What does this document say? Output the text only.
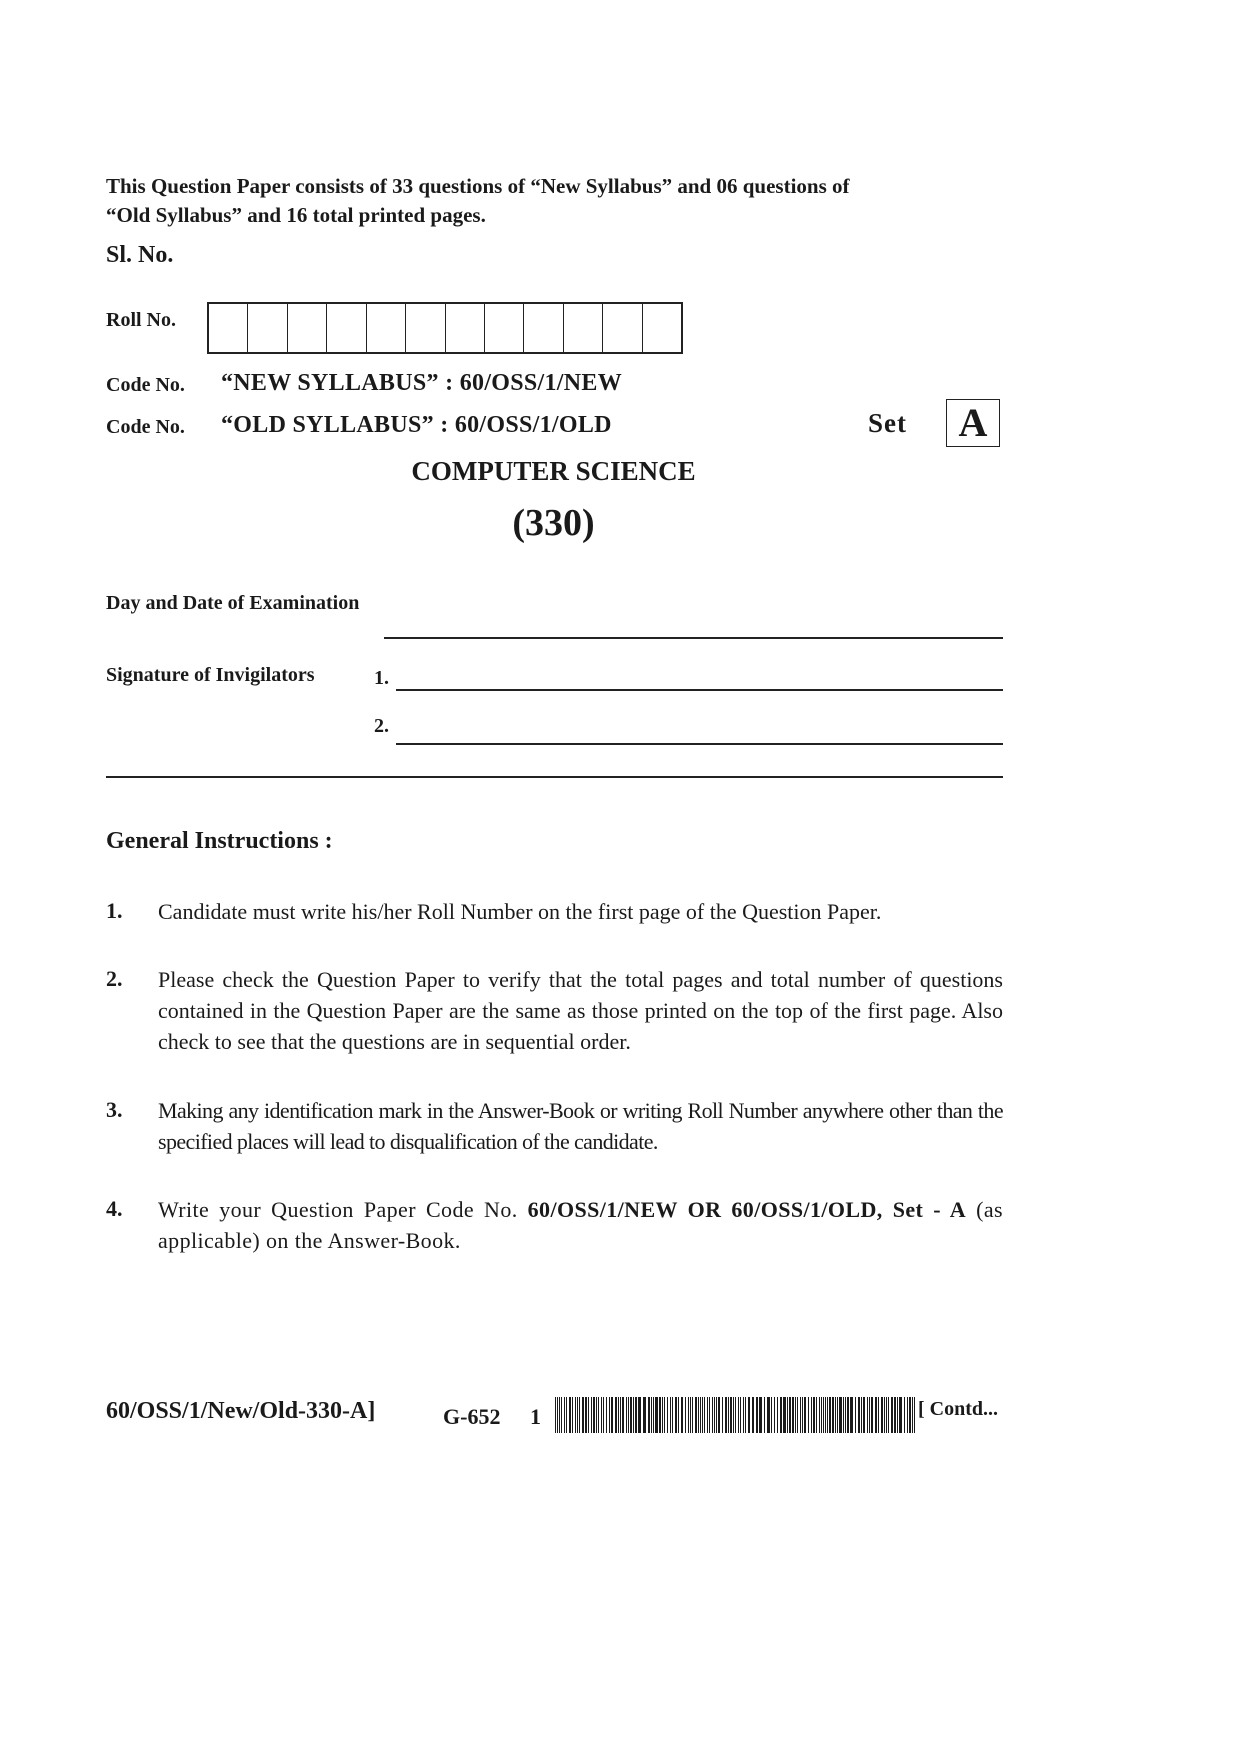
This Question Paper consists of 33 questions of “New Syllabus” and 06 questions of
“Old Syllabus” and 16 total printed pages.
Sl. No.
Roll No.
Code No. “NEW SYLLABUS” : 60/OSS/1/NEW
Code No. “OLD SYLLABUS” : 60/OSS/1/OLD	Set	A
COMPUTER SCIENCE
(330)
Day and Date of Examination
Signature of Invigilators	1.
2.
General Instructions :
1. Candidate must write his/her Roll Number on the first page of the Question Paper.
2. Please check the Question Paper to verify that the total pages and total number of questions contained in the Question Paper are the same as those printed on the top of the first page. Also check to see that the questions are in sequential order.
3. Making any identification mark in the Answer-Book or writing Roll Number anywhere other than the specified places will lead to disqualification of the candidate.
4. Write your Question Paper Code No. 60/OSS/1/NEW OR 60/OSS/1/OLD, Set - A (as applicable) on the Answer-Book.
60/OSS/1/New/Old-330-A]	G-652 1	[ Contd...
